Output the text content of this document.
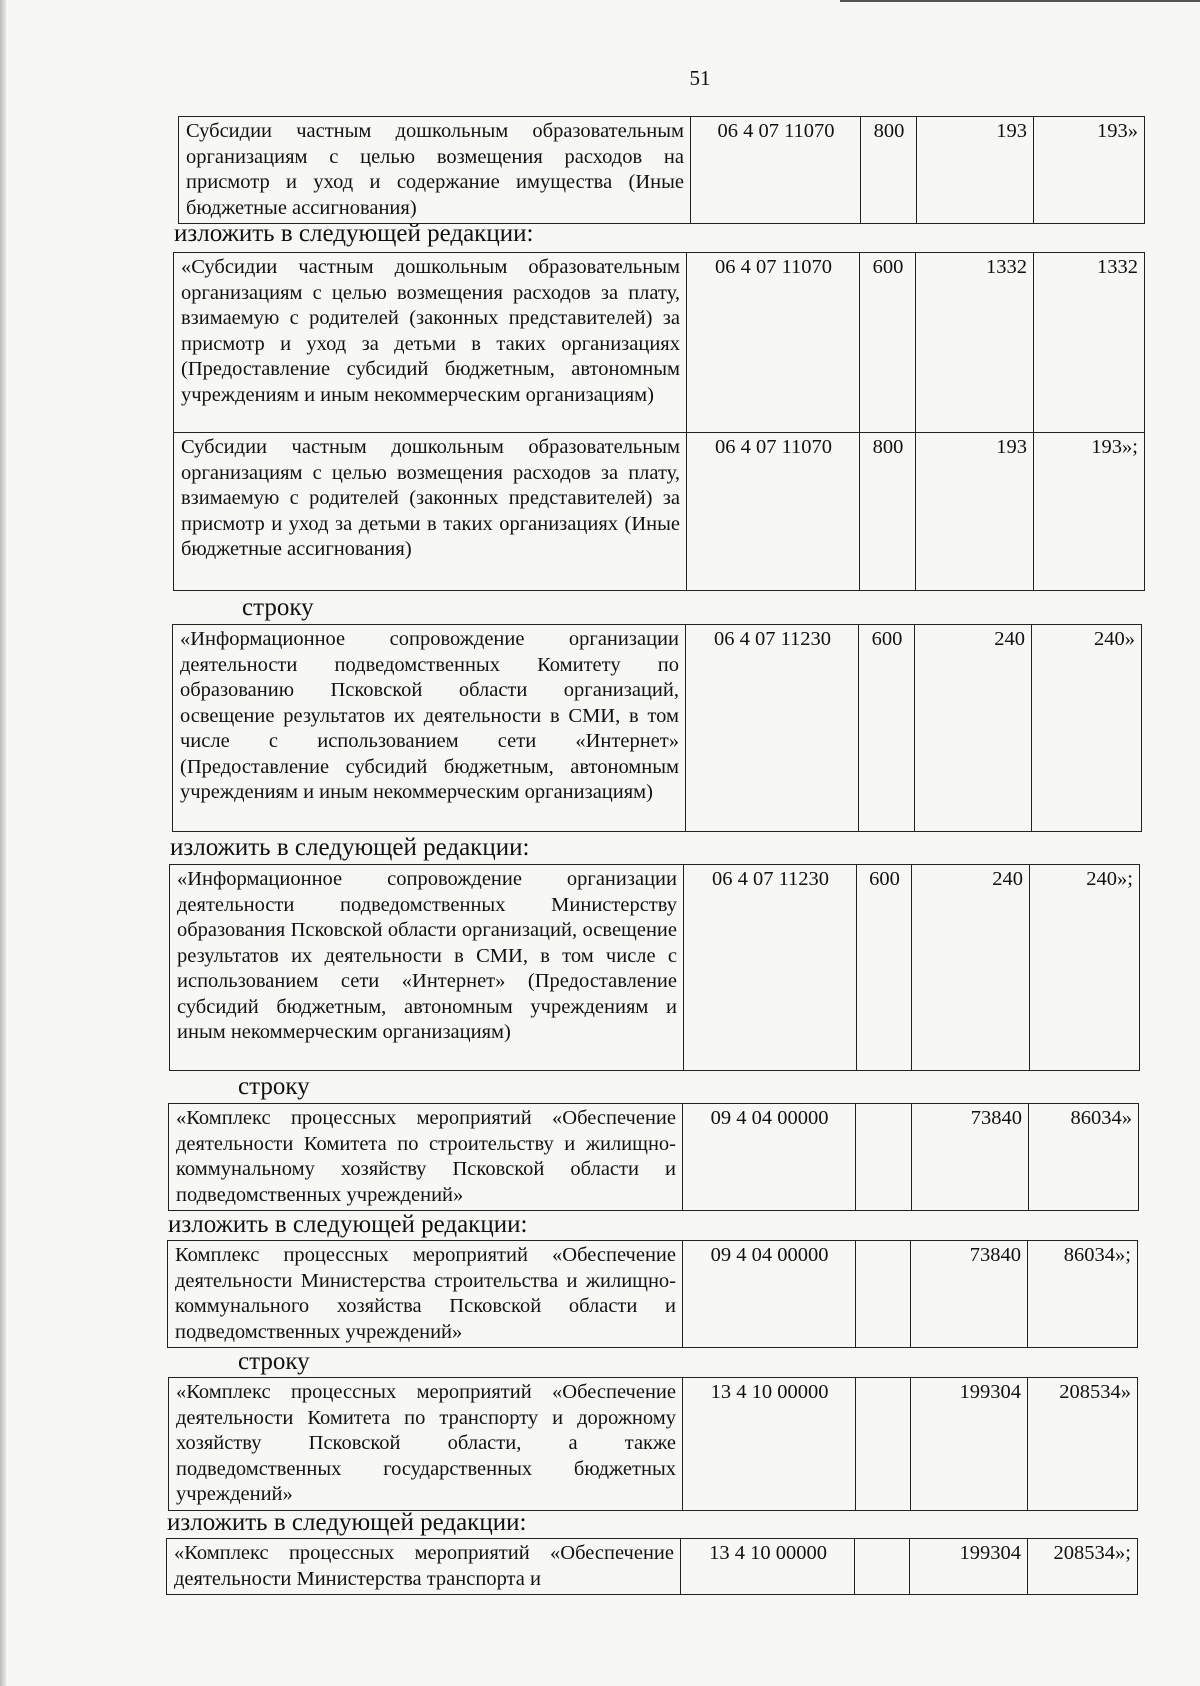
51
Субсидии частным дошкольным образовательным организациям с целью возмещения расходов на присмотр и уход и содержание имущества (Иные бюджетные ассигнования)	06 4 07 11070	800	193	193»
изложить в следующей редакции:
«Субсидии частным дошкольным образовательным организациям с целью возмещения расходов за плату, взимаемую с родителей (законных представителей) за присмотр и уход за детьми в таких организациях (Предоставление субсидий бюджетным, автономным учреждениям и иным некоммерческим организациям)	06 4 07 11070	600	1332	1332
Субсидии частным дошкольным образовательным организациям с целью возмещения расходов за плату, взимаемую с родителей (законных представителей) за присмотр и уход за детьми в таких организациях (Иные бюджетные ассигнования)	06 4 07 11070	800	193	193»;
строку
«Информационное сопровождение организации деятельности подведомственных Комитету по образованию Псковской области организаций, освещение результатов их деятельности в СМИ, в том числе с использованием сети «Интернет» (Предоставление субсидий бюджетным, автономным учреждениям и иным некоммерческим организациям)	06 4 07 11230	600	240	240»
изложить в следующей редакции:
«Информационное сопровождение организации деятельности подведомственных Министерству образования Псковской области организаций, освещение результатов их деятельности в СМИ, в том числе с использованием сети «Интернет» (Предоставление субсидий бюджетным, автономным учреждениям и иным некоммерческим организациям)	06 4 07 11230	600	240	240»;
строку
«Комплекс процессных мероприятий «Обеспечение деятельности Комитета по строительству и жилищно-коммунальному хозяйству Псковской области и подведомственных учреждений»	09 4 04 00000		73840	86034»
изложить в следующей редакции:
Комплекс процессных мероприятий «Обеспечение деятельности Министерства строительства и жилищно-коммунального хозяйства Псковской области и подведомственных учреждений»	09 4 04 00000		73840	86034»;
строку
«Комплекс процессных мероприятий «Обеспечение деятельности Комитета по транспорту и дорожному хозяйству Псковской области, а также подведомственных государственных бюджетных учреждений»	13 4 10 00000		199304	208534»
изложить в следующей редакции:
«Комплекс процессных мероприятий «Обеспечение деятельности Министерства транспорта и	13 4 10 00000		199304	208534»;
